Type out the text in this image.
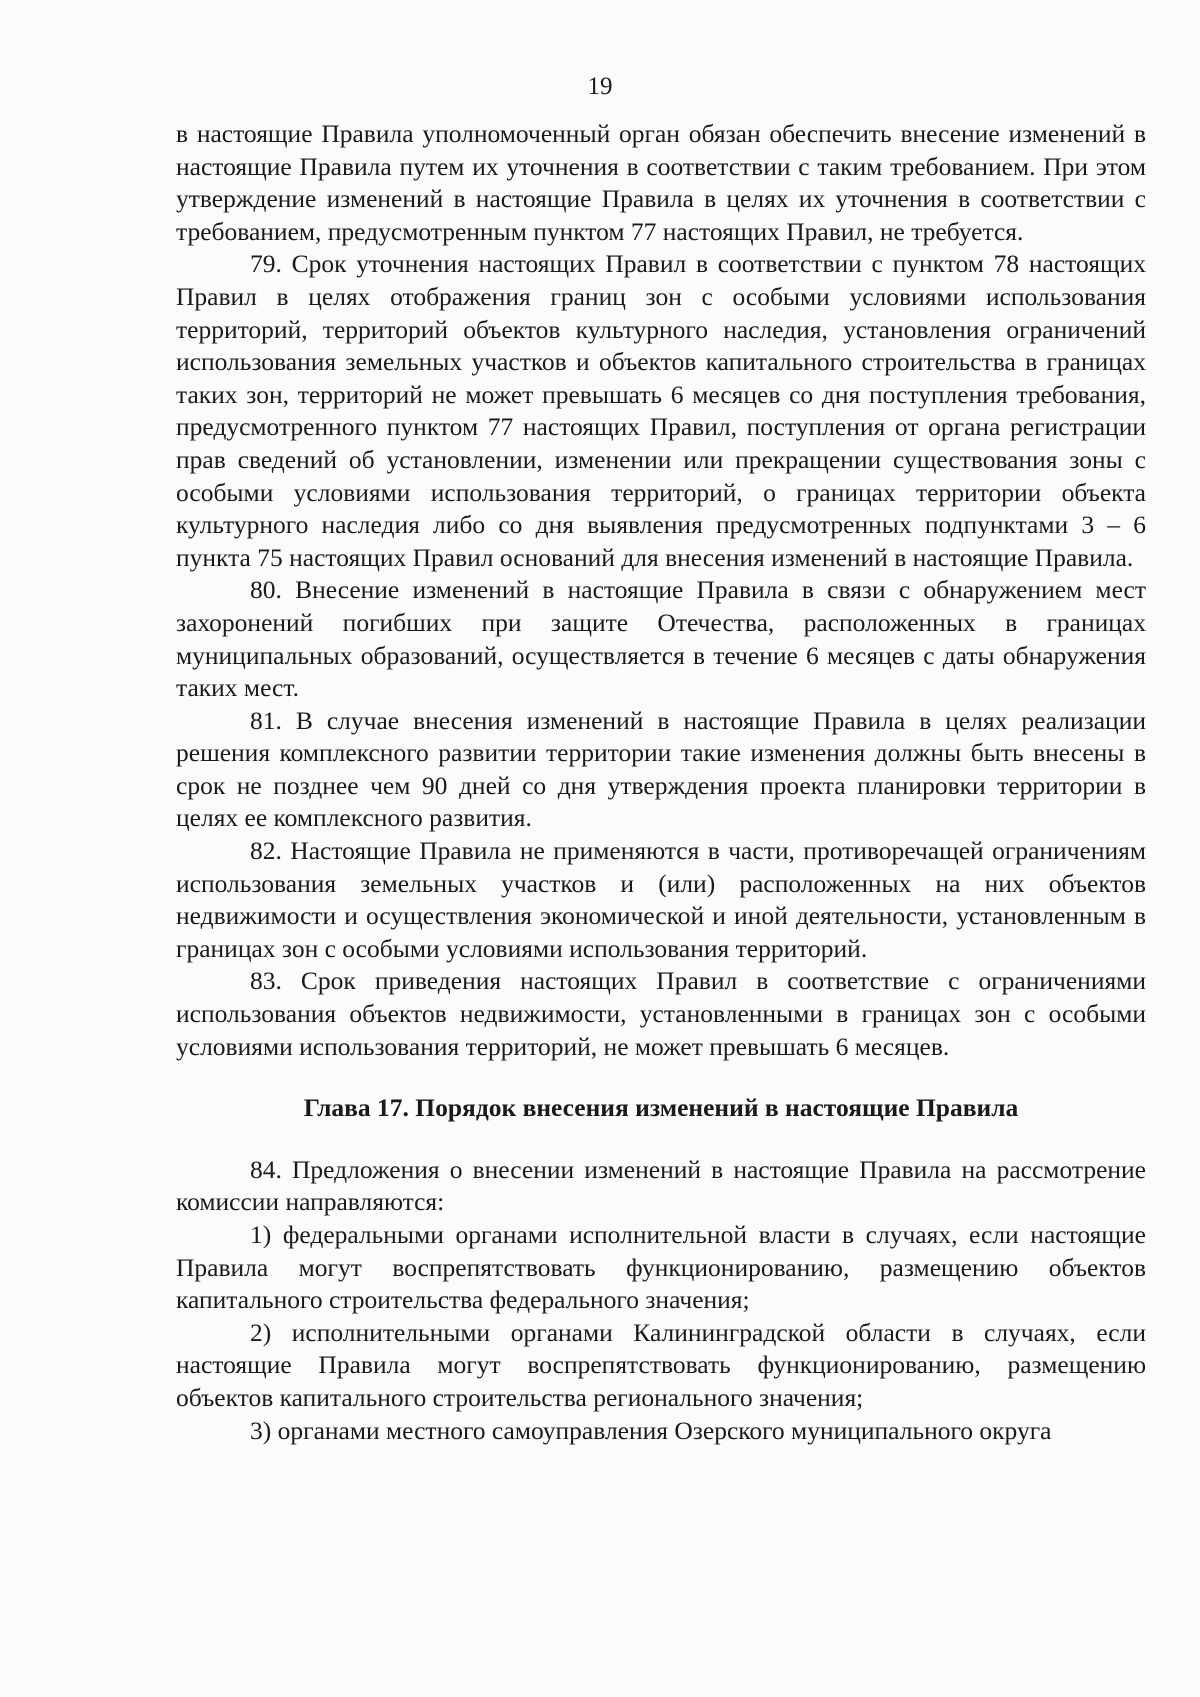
19

в настоящие Правила уполномоченный орган обязан обеспечить внесение изменений в настоящие Правила путем их уточнения в соответствии с таким требованием. При этом утверждение изменений в настоящие Правила в целях их уточнения в соответствии с требованием, предусмотренным пунктом 77 настоящих Правил, не требуется.

79. Срок уточнения настоящих Правил в соответствии с пунктом 78 настоящих Правил в целях отображения границ зон с особыми условиями использования территорий, территорий объектов культурного наследия, установления ограничений использования земельных участков и объектов капитального строительства в границах таких зон, территорий не может превышать 6 месяцев со дня поступления требования, предусмотренного пунктом 77 настоящих Правил, поступления от органа регистрации прав сведений об установлении, изменении или прекращении существования зоны с особыми условиями использования территорий, о границах территории объекта культурного наследия либо со дня выявления предусмотренных подпунктами 3 – 6 пункта 75 настоящих Правил оснований для внесения изменений в настоящие Правила.

80. Внесение изменений в настоящие Правила в связи с обнаружением мест захоронений погибших при защите Отечества, расположенных в границах муниципальных образований, осуществляется в течение 6 месяцев с даты обнаружения таких мест.

81. В случае внесения изменений в настоящие Правила в целях реализации решения комплексного развитии территории такие изменения должны быть внесены в срок не позднее чем 90 дней со дня утверждения проекта планировки территории в целях ее комплексного развития.

82. Настоящие Правила не применяются в части, противоречащей ограничениям использования земельных участков и (или) расположенных на них объектов недвижимости и осуществления экономической и иной деятельности, установленным в границах зон с особыми условиями использования территорий.

83. Срок приведения настоящих Правил в соответствие с ограничениями использования объектов недвижимости, установленными в границах зон с особыми условиями использования территорий, не может превышать 6 месяцев.

Глава 17. Порядок внесения изменений в настоящие Правила

84. Предложения о внесении изменений в настоящие Правила на рассмотрение комиссии направляются:

1) федеральными органами исполнительной власти в случаях, если настоящие Правила могут воспрепятствовать функционированию, размещению объектов капитального строительства федерального значения;

2) исполнительными органами Калининградской области в случаях, если настоящие Правила могут воспрепятствовать функционированию, размещению объектов капитального строительства регионального значения;

3) органами местного самоуправления Озерского муниципального округа
